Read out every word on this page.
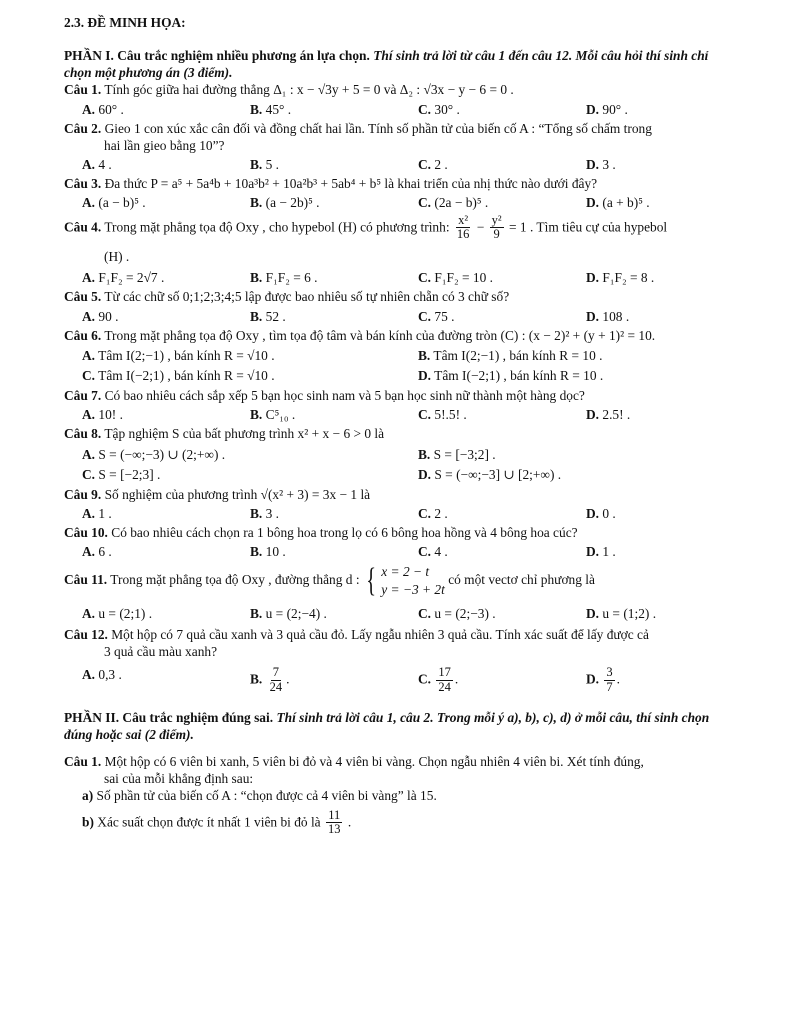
2.3. ĐỀ MINH HỌA:
PHẦN I. Câu trắc nghiệm nhiều phương án lựa chọn. Thí sinh trả lời từ câu 1 đến câu 12. Mỗi câu hỏi thí sinh chỉ chọn một phương án (3 điểm).
Câu 1. Tính góc giữa hai đường thẳng Δ₁ : x − √3y + 5 = 0 và Δ₂ : √3x − y − 6 = 0 .
A. 60° .	B. 45° .	C. 30° .	D. 90° .
Câu 2. Gieo 1 con xúc xắc cân đối và đồng chất hai lần. Tính số phần tử của biến cố A : “Tổng số chấm trong
hai lần gieo bằng 10”?
A. 4 .	B. 5 .	C. 2 .	D. 3 .
Câu 3. Đa thức P = a⁵ + 5a⁴b + 10a³b² + 10a²b³ + 5ab⁴ + b⁵ là khai triển của nhị thức nào dưới đây?
A. (a − b)⁵ .	B. (a − 2b)⁵ .	C. (2a − b)⁵ .	D. (a + b)⁵ .
Câu 4. Trong mặt phẳng tọa độ Oxy , cho hypebol (H) có phương trình: $\frac{\text{x²}}{16} - \frac{\text{y²}}{9} = 1$ . Tìm tiêu cự của hypebol
(H) .
A. F₁F₂ = 2√7 .	B. F₁F₂ = 6 .	C. F₁F₂ = 10 .	D. F₁F₂ = 8 .
Câu 5. Từ các chữ số 0;1;2;3;4;5 lập được bao nhiêu số tự nhiên chẵn có 3 chữ số?
A. 90 .	B. 52 .	C. 75 .	D. 108 .
Câu 6. Trong mặt phẳng tọa độ Oxy , tìm tọa độ tâm và bán kính của đường tròn (C) : (x − 2)² + (y + 1)² = 10.
A. Tâm I(2;−1) , bán kính R = √10 .	B. Tâm I(2;−1) , bán kính R = 10 .
C. Tâm I(−2;1) , bán kính R = √10 .	D. Tâm I(−2;1) , bán kính R = 10 .
Câu 7. Có bao nhiêu cách sắp xếp 5 bạn học sinh nam và 5 bạn học sinh nữ thành một hàng dọc?
A. 10! .	B. C⁵₁₀ .	C. 5!.5! .	D. 2.5! .
Câu 8. Tập nghiệm S của bất phương trình x² + x − 6 > 0 là
A. S = (−∞;−3) ∪ (2;+∞) .	B. S = [−3;2] .
C. S = [−2;3] .	D. S = (−∞;−3] ∪ [2;+∞) .
Câu 9. Số nghiệm của phương trình √(x² + 3) = 3x − 1 là
A. 1 .	B. 3 .	C. 2 .	D. 0 .
Câu 10. Có bao nhiêu cách chọn ra 1 bông hoa trong lọ có 6 bông hoa hồng và 4 bông hoa cúc?
A. 6 .	B. 10 .	C. 4 .	D. 1 .
Câu 11. Trong mặt phẳng tọa độ Oxy , đường thẳng d : { x = 2 − t
y = −3 + 2t
có một vectơ chỉ phương là
A. u = (2;1) .	B. u = (2;−4) .	C. u = (2;−3) .	D. u = (1;2) .
Câu 12. Một hộp có 7 quả cầu xanh và 3 quả cầu đỏ. Lấy ngẫu nhiên 3 quả cầu. Tính xác suất để lấy được cả
3 quả cầu màu xanh?
A. 0,3 .	B. $\frac{7}{24}$ .	C. $\frac{17}{24}$ .	D. $\frac{3}{7}$ .
PHẦN II. Câu trắc nghiệm đúng sai. Thí sinh trả lời câu 1, câu 2. Trong mỗi ý a), b), c), d) ở mỗi câu, thí sinh chọn đúng hoặc sai (2 điểm).
Câu 1. Một hộp có 6 viên bi xanh, 5 viên bi đỏ và 4 viên bi vàng. Chọn ngẫu nhiên 4 viên bi. Xét tính đúng,
sai của mỗi khẳng định sau:
a) Số phần tử của biến cố A : “chọn được cả 4 viên bi vàng” là 15.
b) Xác suất chọn được ít nhất 1 viên bi đỏ là $\frac{11}{13}$ .
